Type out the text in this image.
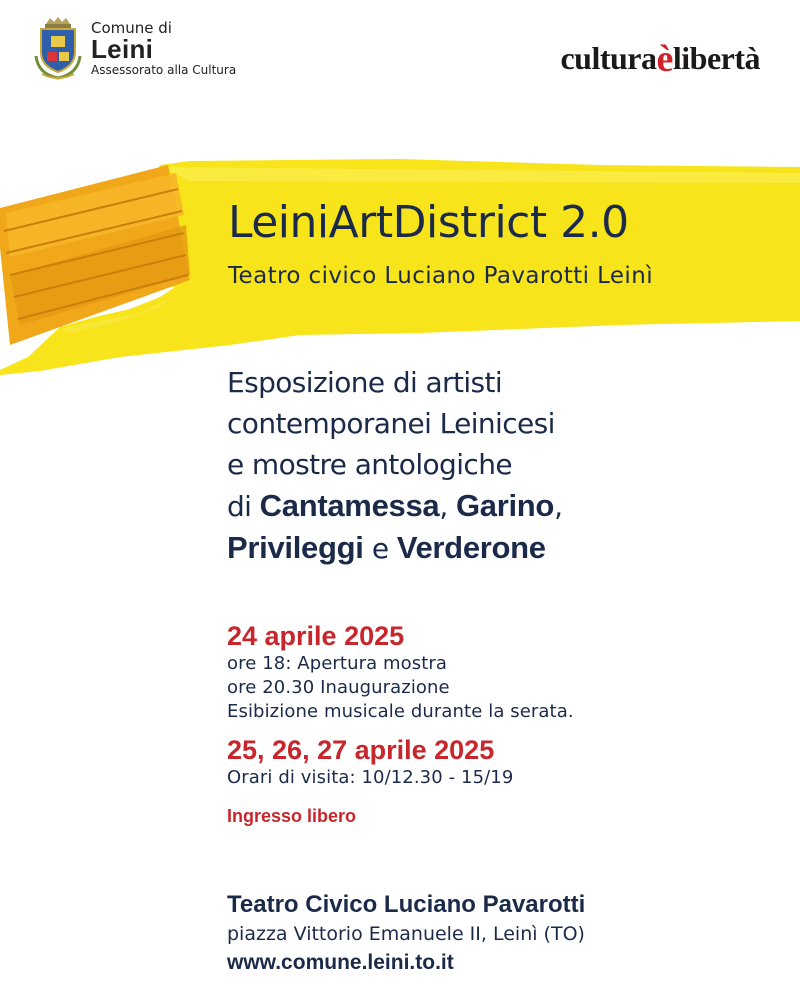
Comune di
Leini
Assessorato alla Cultura	culturaèlibertà
LeiniArtDistrict 2.0
Teatro civico Luciano Pavarotti Leinì
Esposizione di artisti
contemporanei Leinicesi
e mostre antologiche
di Cantamessa, Garino,
Privileggi e Verderone
24 aprile 2025
ore 18: Apertura mostra
ore 20.30 Inaugurazione
Esibizione musicale durante la serata.
25, 26, 27 aprile 2025
Orari di visita: 10/12.30 - 15/19
Ingresso libero
Teatro Civico Luciano Pavarotti
piazza Vittorio Emanuele II, Leinì (TO)
www.comune.leini.to.it
